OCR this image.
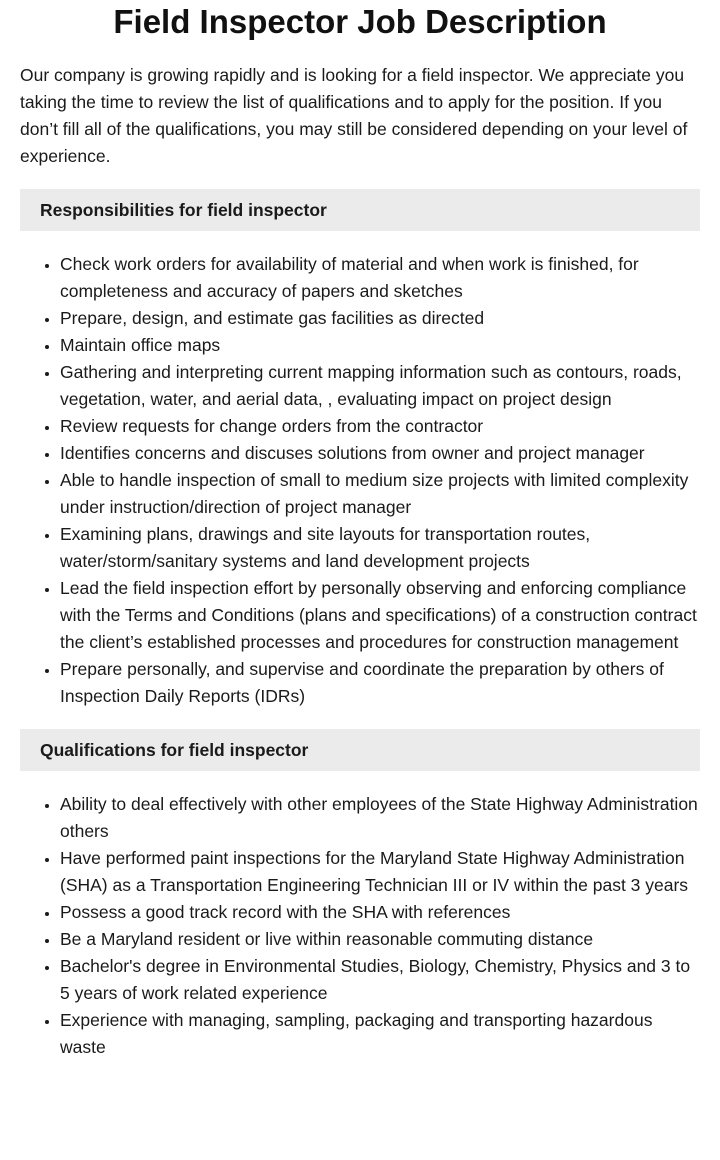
Field Inspector Job Description

Our company is growing rapidly and is looking for a field inspector. We appreciate you taking the time to review the list of qualifications and to apply for the position. If you don’t fill all of the qualifications, you may still be considered depending on your level of experience.

Responsibilities for field inspector
• Check work orders for availability of material and when work is finished, for completeness and accuracy of papers and sketches
• Prepare, design, and estimate gas facilities as directed
• Maintain office maps
• Gathering and interpreting current mapping information such as contours, roads, vegetation, water, and aerial data, , evaluating impact on project design
• Review requests for change orders from the contractor
• Identifies concerns and discuses solutions from owner and project manager
• Able to handle inspection of small to medium size projects with limited complexity under instruction/direction of project manager
• Examining plans, drawings and site layouts for transportation routes, water/storm/sanitary systems and land development projects
• Lead the field inspection effort by personally observing and enforcing compliance with the Terms and Conditions (plans and specifications) of a construction contract the client’s established processes and procedures for construction management
• Prepare personally, and supervise and coordinate the preparation by others of Inspection Daily Reports (IDRs)
Qualifications for field inspector
• Ability to deal effectively with other employees of the State Highway Administration others
• Have performed paint inspections for the Maryland State Highway Administration (SHA) as a Transportation Engineering Technician III or IV within the past 3 years
• Possess a good track record with the SHA with references
• Be a Maryland resident or live within reasonable commuting distance
• Bachelor's degree in Environmental Studies, Biology, Chemistry, Physics and 3 to 5 years of work related experience
• Experience with managing, sampling, packaging and transporting hazardous waste
